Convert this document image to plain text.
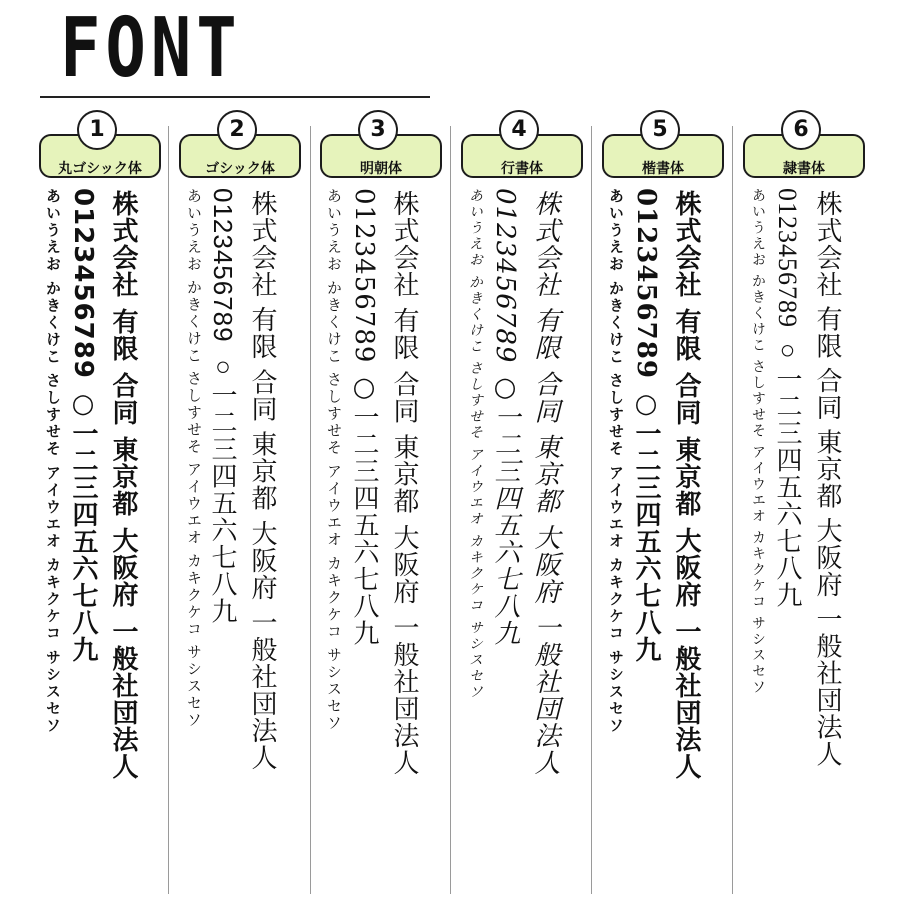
FONT
丸ゴシック体
1
あいうえお かきくけこ さしすせそ アイウエオ カキクケコ サシスセソ 0123456789 ○一二三四五六七八九 株式会社 有限 合同 東京都 大阪府 一般社団法人
ゴシック体
2
あいうえお かきくけこ さしすせそ アイウエオ カキクケコ サシスセソ 0123456789 ○一二三四五六七八九 株式会社 有限 合同 東京都 大阪府 一般社団法人
明朝体
3
あいうえお かきくけこ さしすせそ アイウエオ カキクケコ サシスセソ 0123456789 ○一二三四五六七八九 株式会社 有限 合同 東京都 大阪府 一般社団法人
行書体
4
あいうえお かきくけこ さしすせそ アイウエオ カキクケコ サシスセソ 0123456789 ○一二三四五六七八九 株式会社 有限 合同 東京都 大阪府 一般社団法人
楷書体
5
あいうえお かきくけこ さしすせそ アイウエオ カキクケコ サシスセソ 0123456789 ○一二三四五六七八九 株式会社 有限 合同 東京都 大阪府 一般社団法人
隷書体
6
あいうえお かきくけこ さしすせそ アイウエオ カキクケコ サシスセソ 0123456789 ○一二三四五六七八九 株式会社 有限 合同 東京都 大阪府 一般社団法人
